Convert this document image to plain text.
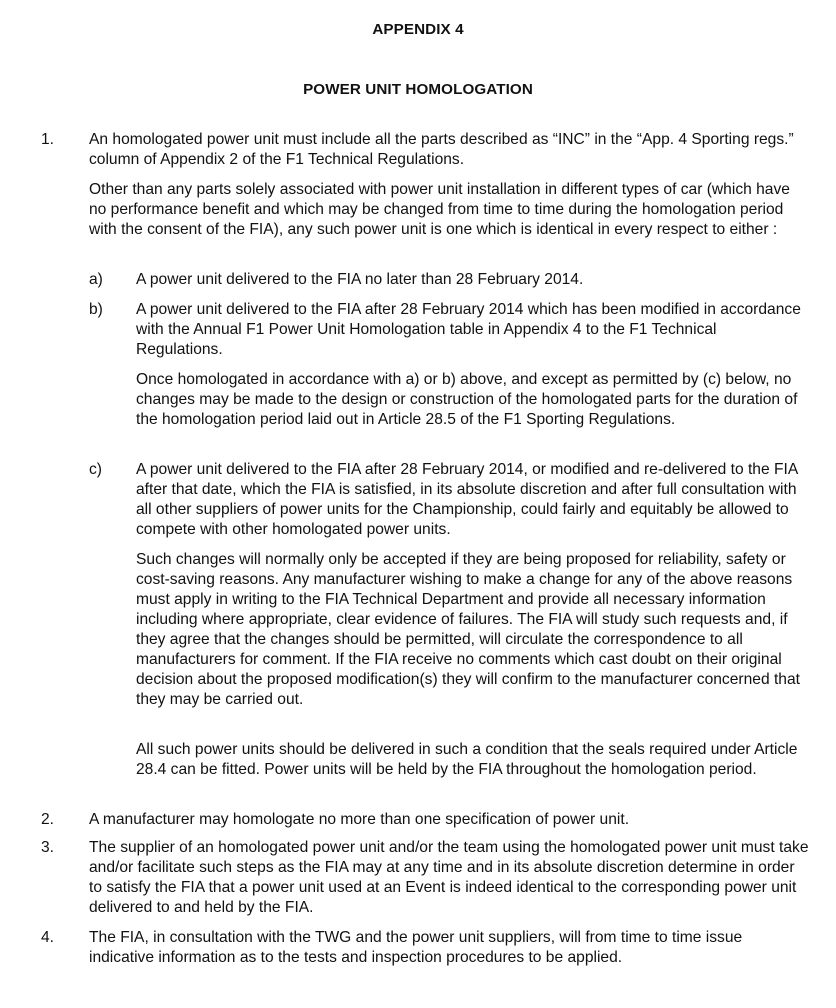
APPENDIX 4
POWER UNIT HOMOLOGATION
1. An homologated power unit must include all the parts described as “INC” in the “App. 4 Sporting regs.” column of Appendix 2 of the F1 Technical Regulations.
Other than any parts solely associated with power unit installation in different types of car (which have no performance benefit and which may be changed from time to time during the homologation period with the consent of the FIA), any such power unit is one which is identical in every respect to either :
a) A power unit delivered to the FIA no later than 28 February 2014.
b) A power unit delivered to the FIA after 28 February 2014 which has been modified in accordance with the Annual F1 Power Unit Homologation table in Appendix 4 to the F1 Technical Regulations.
Once homologated in accordance with a) or b) above, and except as permitted by (c) below, no changes may be made to the design or construction of the homologated parts for the duration of the homologation period laid out in Article 28.5 of the F1 Sporting Regulations.
c) A power unit delivered to the FIA after 28 February 2014, or modified and re-delivered to the FIA after that date, which the FIA is satisfied, in its absolute discretion and after full consultation with all other suppliers of power units for the Championship, could fairly and equitably be allowed to compete with other homologated power units.
Such changes will normally only be accepted if they are being proposed for reliability, safety or cost-saving reasons. Any manufacturer wishing to make a change for any of the above reasons must apply in writing to the FIA Technical Department and provide all necessary information including where appropriate, clear evidence of failures. The FIA will study such requests and, if they agree that the changes should be permitted, will circulate the correspondence to all manufacturers for comment. If the FIA receive no comments which cast doubt on their original decision about the proposed modification(s) they will confirm to the manufacturer concerned that they may be carried out.
All such power units should be delivered in such a condition that the seals required under Article 28.4 can be fitted. Power units will be held by the FIA throughout the homologation period.
2. A manufacturer may homologate no more than one specification of power unit.
3. The supplier of an homologated power unit and/or the team using the homologated power unit must take and/or facilitate such steps as the FIA may at any time and in its absolute discretion determine in order to satisfy the FIA that a power unit used at an Event is indeed identical to the corresponding power unit delivered to and held by the FIA.
4. The FIA, in consultation with the TWG and the power unit suppliers, will from time to time issue indicative information as to the tests and inspection procedures to be applied.
